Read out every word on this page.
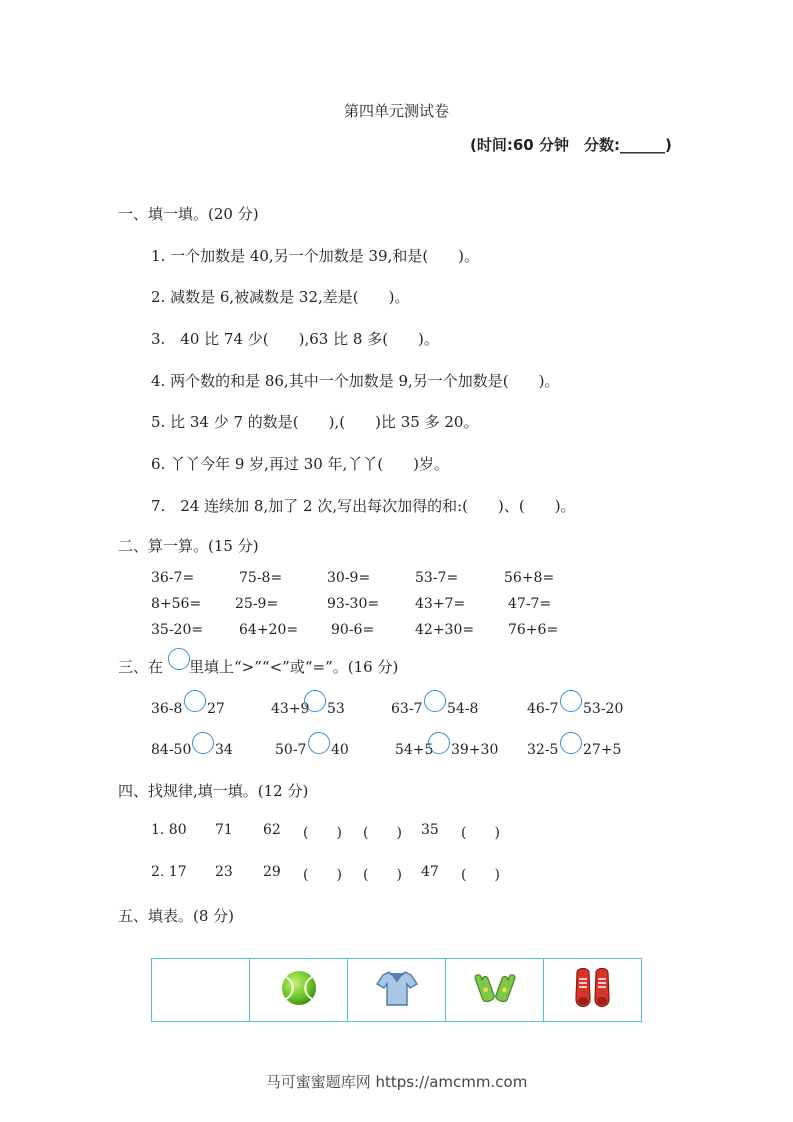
第四单元测试卷
(时间:60 分钟　分数:______)
一、填一填。(20 分)
1. 一个加数是 40,另一个加数是 39,和是(　　)。
2. 减数是 6,被减数是 32,差是(　　)。
3.　40 比 74 少(　　),63 比 8 多(　　)。
4. 两个数的和是 86,其中一个加数是 9,另一个加数是(　　)。
5. 比 34 少 7 的数是(　　),(　　)比 35 多 20。
6. 丫丫今年 9 岁,再过 30 年,丫丫(　　)岁。
7.　24 连续加 8,加了 2 次,写出每次加得的和:(　　)、(　　)。
二、算一算。(15 分)
36-7=	75-8=	30-9=	53-7=	56+8=
8+56= 25-9=	93-30=	43+7=	47-7=
35-20=	64+20= 90-6=	42+30= 76+6=
三、在 里填上“>”“<”或“=”。(16 分)
36-8 27	43+9 53	63-7 54-8	46-7 53-20
84-50 34	50-7 40	54+5 39+30 32-5 27+5
四、找规律,填一填。(12 分)
1. 80 71 62 (　　) (　　) 35 (　　)
2. 17 23 29 (　　) (　　) 47 (　　)
五、填表。(8 分)

马可蜜蜜题库网 https://amcmm.com
